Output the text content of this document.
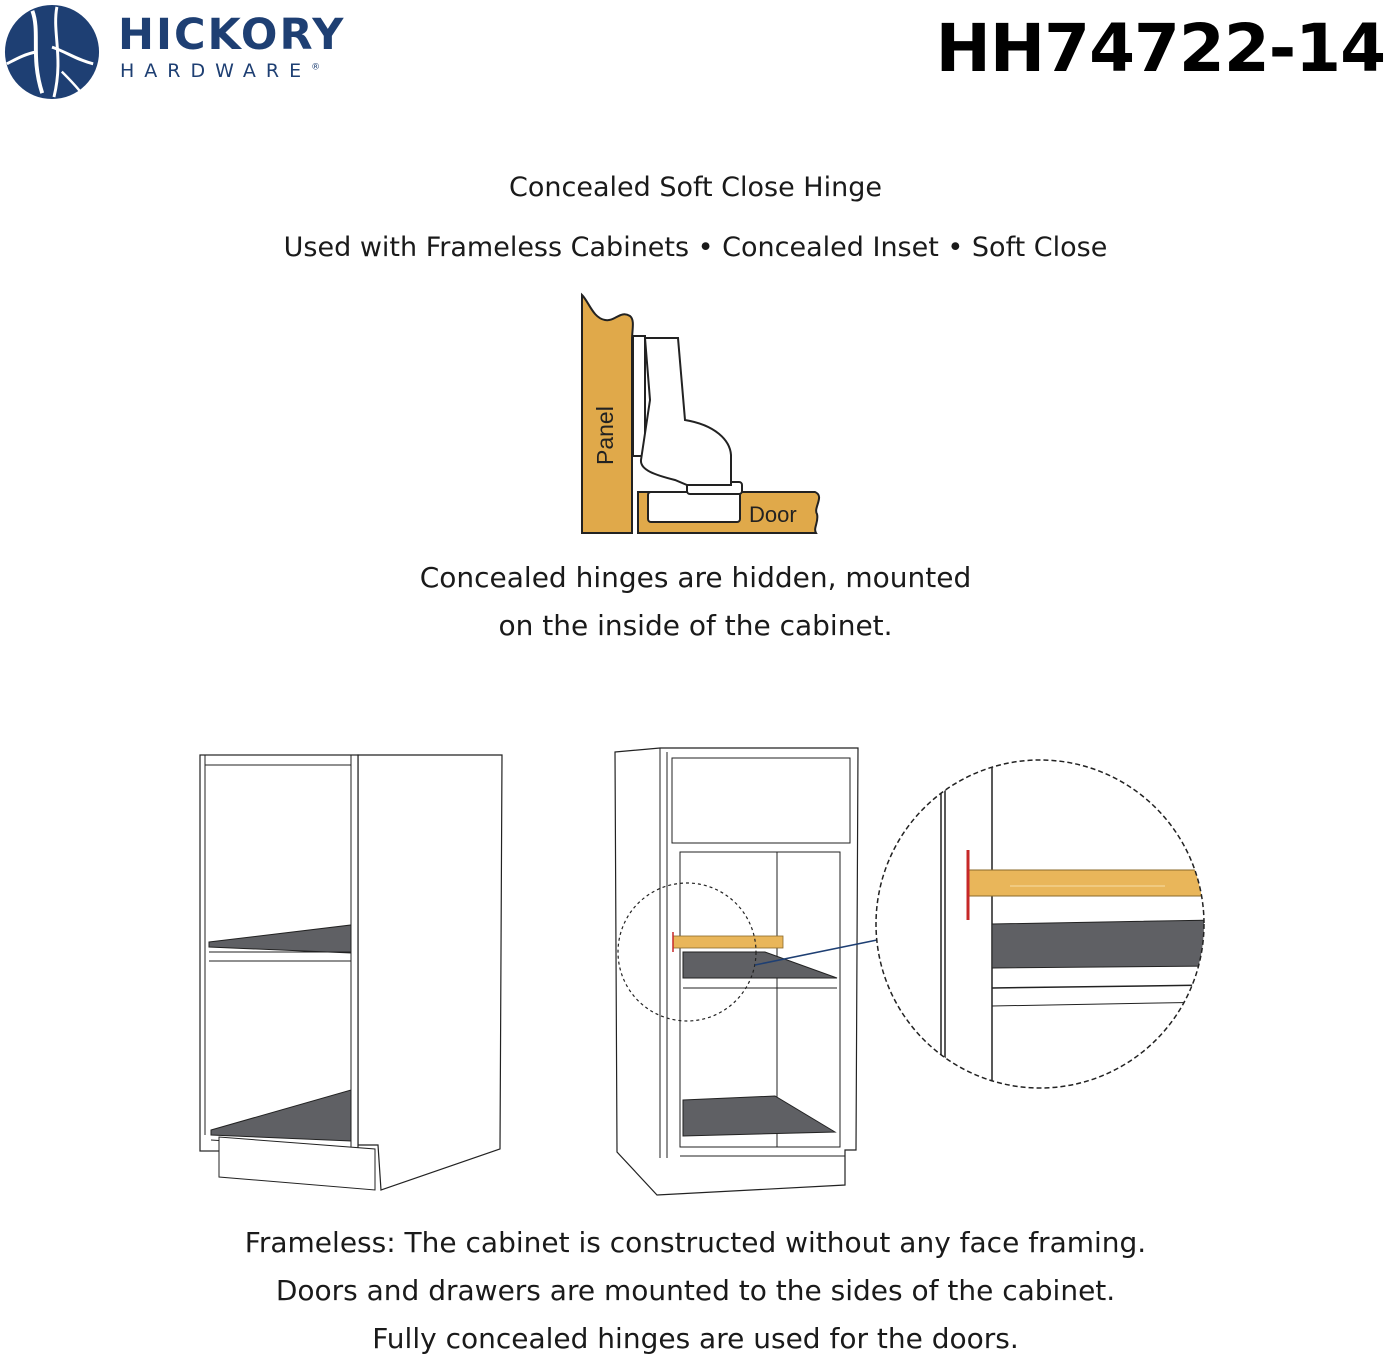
HICKORY
HARDWARE®	HH74722-14
Concealed Soft Close Hinge
Used with Frameless Cabinets • Concealed Inset • Soft Close
Panel
Door
Concealed hinges are hidden, mounted
on the inside of the cabinet.
Frameless: The cabinet is constructed without any face framing.
Doors and drawers are mounted to the sides of the cabinet.
Fully concealed hinges are used for the doors.
